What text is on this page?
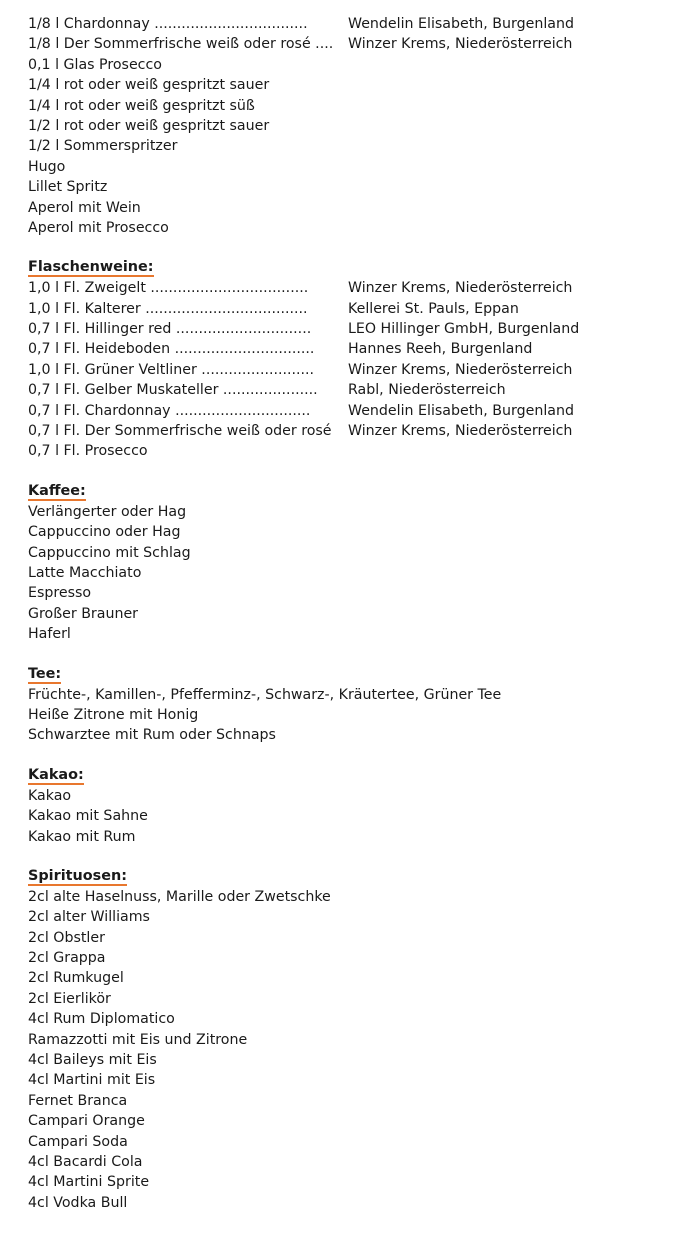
1/8 l Chardonnay ..................................	Wendelin Elisabeth, Burgenland
1/8 l Der Sommerfrische weiß oder rosé ....	Winzer Krems, Niederösterreich
0,1 l Glas Prosecco
1/4 l rot oder weiß gespritzt sauer
1/4 l rot oder weiß gespritzt süß
1/2 l rot oder weiß gespritzt sauer
1/2 l Sommerspritzer
Hugo
Lillet Spritz
Aperol mit Wein
Aperol mit Prosecco
Flaschenweine:
1,0 l Fl. Zweigelt ...................................	Winzer Krems, Niederösterreich
1,0 l Fl. Kalterer ....................................	Kellerei St. Pauls, Eppan
0,7 l Fl. Hillinger red ..............................	LEO Hillinger GmbH, Burgenland
0,7 l Fl. Heideboden ...............................	Hannes Reeh, Burgenland
1,0 l Fl. Grüner Veltliner .........................	Winzer Krems, Niederösterreich
0,7 l Fl. Gelber Muskateller .....................	Rabl, Niederösterreich
0,7 l Fl. Chardonnay ..............................	Wendelin Elisabeth, Burgenland
0,7 l Fl. Der Sommerfrische weiß oder rosé	Winzer Krems, Niederösterreich
0,7 l Fl. Prosecco
Kaffee:
Verlängerter oder Hag
Cappuccino oder Hag
Cappuccino mit Schlag
Latte Macchiato
Espresso
Großer Brauner
Haferl
Tee:
Früchte-, Kamillen-, Pfefferminz-, Schwarz-, Kräutertee, Grüner Tee
Heiße Zitrone mit Honig
Schwarztee mit Rum oder Schnaps
Kakao:
Kakao
Kakao mit Sahne
Kakao mit Rum
Spirituosen:
2cl alte Haselnuss, Marille oder Zwetschke
2cl alter Williams
2cl Obstler
2cl Grappa
2cl Rumkugel
2cl Eierlikör
4cl Rum Diplomatico
Ramazzotti mit Eis und Zitrone
4cl Baileys mit Eis
4cl Martini mit Eis
Fernet Branca
Campari Orange
Campari Soda
4cl Bacardi Cola
4cl Martini Sprite
4cl Vodka Bull
